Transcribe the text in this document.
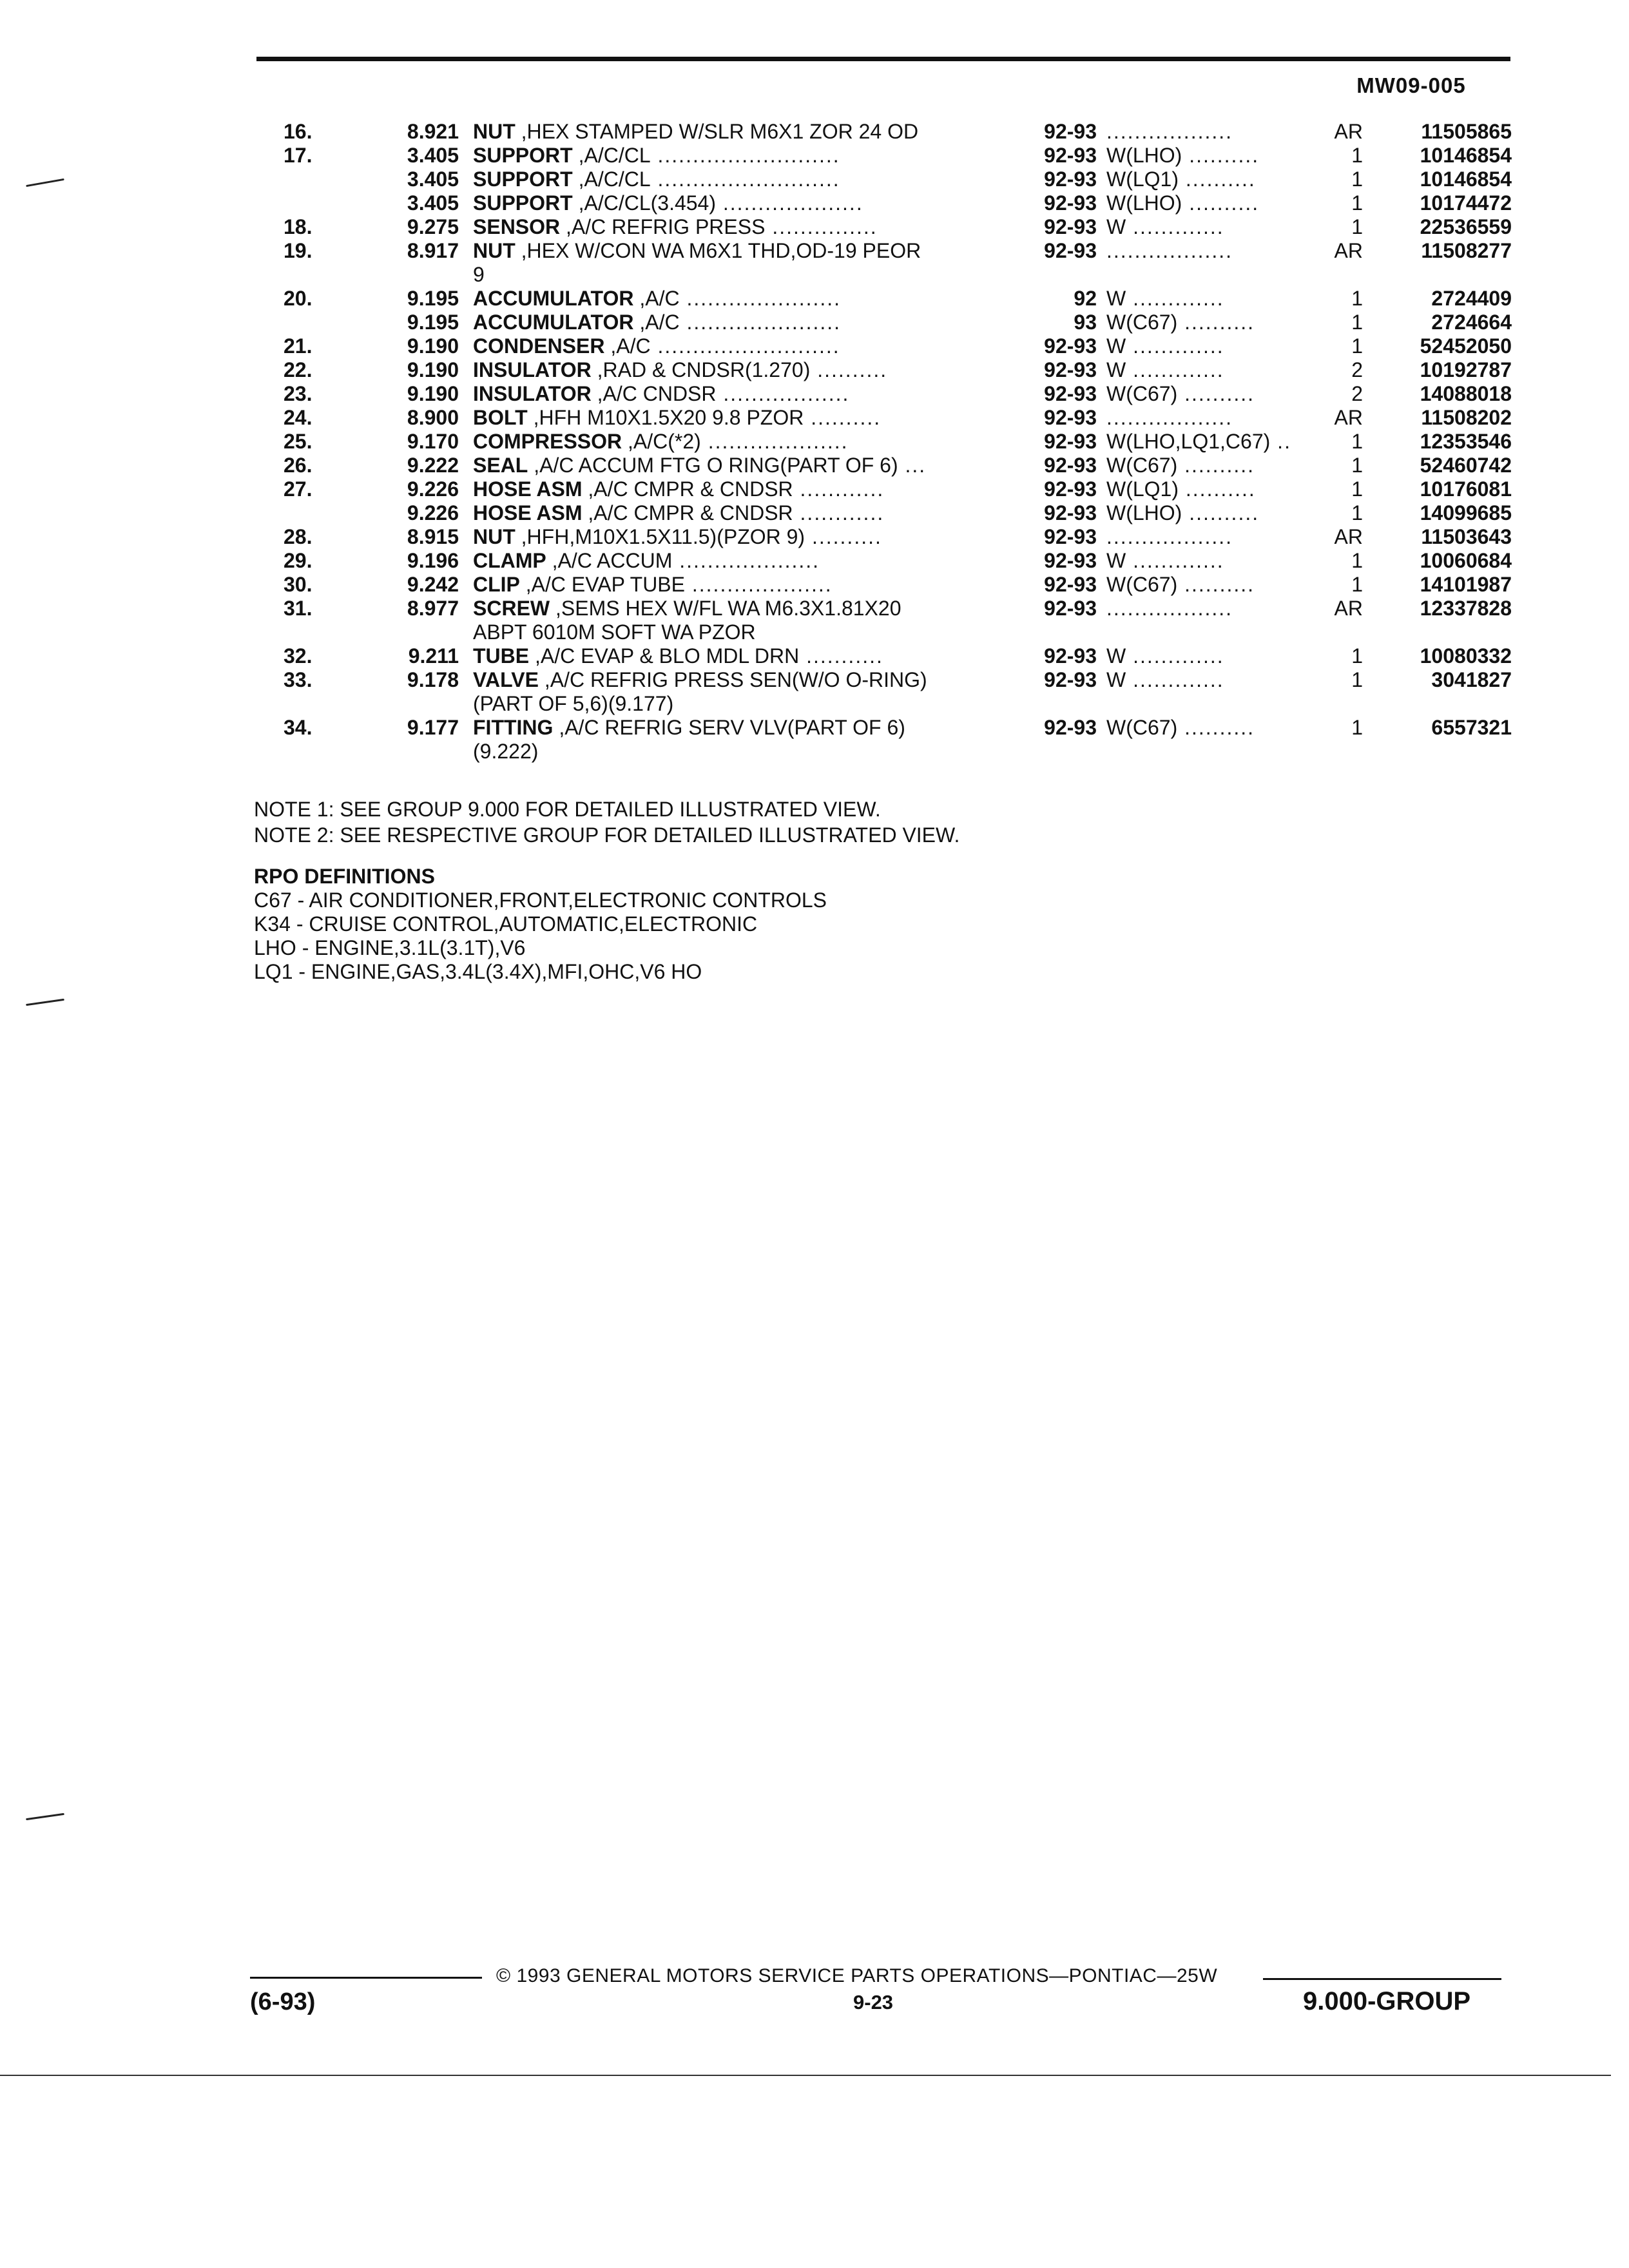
MW09-005
16.	8.921 NUT ,HEX STAMPED W/SLR M6X1 ZOR 24 OD	92-93 ..................	AR	11505865
17.	3.405 SUPPORT ,A/C/CL ..........................	92-93 W(LHO) ..........	1	10146854
3.405 SUPPORT ,A/C/CL ..........................	92-93 W(LQ1) ..........	1	10146854
3.405 SUPPORT ,A/C/CL(3.454) ....................	92-93 W(LHO) ..........	1	10174472
18.	9.275 SENSOR ,A/C REFRIG PRESS ...............	92-93 W .............	1	22536559
19.	8.917 NUT ,HEX W/CON WA M6X1 THD,OD-19 PEOR	92-93 ..................	AR	11508277
9
20.	9.195 ACCUMULATOR ,A/C ......................	92 W .............	1	2724409
9.195 ACCUMULATOR ,A/C ......................	93 W(C67) ..........	1	2724664
21.	9.190 CONDENSER ,A/C ..........................	92-93 W .............	1	52452050
22.	9.190 INSULATOR ,RAD & CNDSR(1.270) ..........	92-93 W .............	2	10192787
23.	9.190 INSULATOR ,A/C CNDSR ..................	92-93 W(C67) ..........	2	14088018
24.	8.900 BOLT ,HFH M10X1.5X20 9.8 PZOR ..........	92-93 ..................	AR	11508202
25.	9.170 COMPRESSOR ,A/C(*2) ....................	92-93 W(LHO,LQ1,C67) ..	1	12353546
26.	9.222 SEAL ,A/C ACCUM FTG O RING(PART OF 6) ...	92-93 W(C67) ..........	1	52460742
27.	9.226 HOSE ASM ,A/C CMPR & CNDSR ............	92-93 W(LQ1) ..........	1	10176081
9.226 HOSE ASM ,A/C CMPR & CNDSR ............	92-93 W(LHO) ..........	1	14099685
28.	8.915 NUT ,HFH,M10X1.5X11.5)(PZOR 9) ..........	92-93 ..................	AR	11503643
29.	9.196 CLAMP ,A/C ACCUM ....................	92-93 W .............	1	10060684
30.	9.242 CLIP ,A/C EVAP TUBE ....................	92-93 W(C67) ..........	1	14101987
31.	8.977 SCREW ,SEMS HEX W/FL WA M6.3X1.81X20	92-93 ..................	AR	12337828
ABPT 6010M SOFT WA PZOR
32.	9.211 TUBE ,A/C EVAP & BLO MDL DRN ...........	92-93 W .............	1	10080332
33.	9.178 VALVE ,A/C REFRIG PRESS SEN(W/O O-RING)	92-93 W .............	1	3041827
(PART OF 5,6)(9.177)
34.	9.177 FITTING ,A/C REFRIG SERV VLV(PART OF 6)	92-93 W(C67) ..........	1	6557321
(9.222)
NOTE 1: SEE GROUP 9.000 FOR DETAILED ILLUSTRATED VIEW.
NOTE 2: SEE RESPECTIVE GROUP FOR DETAILED ILLUSTRATED VIEW.
RPO DEFINITIONS
C67 - AIR CONDITIONER,FRONT,ELECTRONIC CONTROLS
K34 - CRUISE CONTROL,AUTOMATIC,ELECTRONIC
LHO - ENGINE,3.1L(3.1T),V6
LQ1 - ENGINE,GAS,3.4L(3.4X),MFI,OHC,V6 HO
© 1993 GENERAL MOTORS SERVICE PARTS OPERATIONS—PONTIAC—25W
(6-93)	9-23	9.000-GROUP
